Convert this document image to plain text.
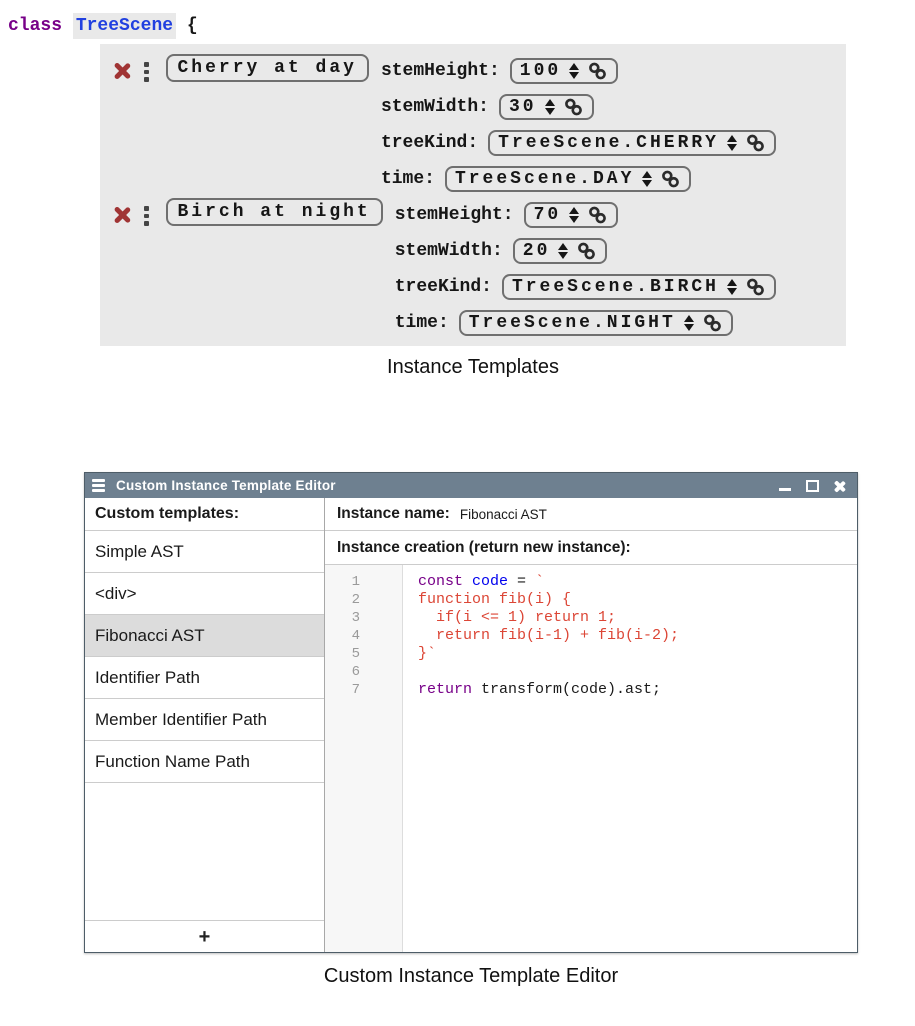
class TreeScene {
Cherry at day	stemHeight: 100
stemWidth: 30
treeKind: TreeScene.CHERRY
time: TreeScene.DAY
Birch at night	stemHeight: 70
stemWidth: 20
treeKind: TreeScene.BIRCH
time: TreeScene.NIGHT
Instance Templates
Custom Instance Template Editor
Custom templates:
Simple AST
<div>
Fibonacci AST
Identifier Path
Member Identifier Path
Function Name Path
+
Instance name: Fibonacci AST
Instance creation (return new instance):
1
2
3
4
5
6
7
const code = `
function fib(i) {
if(i <= 1) return 1;
return fib(i-1) + fib(i-2);
}`
return transform(code).ast;
Custom Instance Template Editor
